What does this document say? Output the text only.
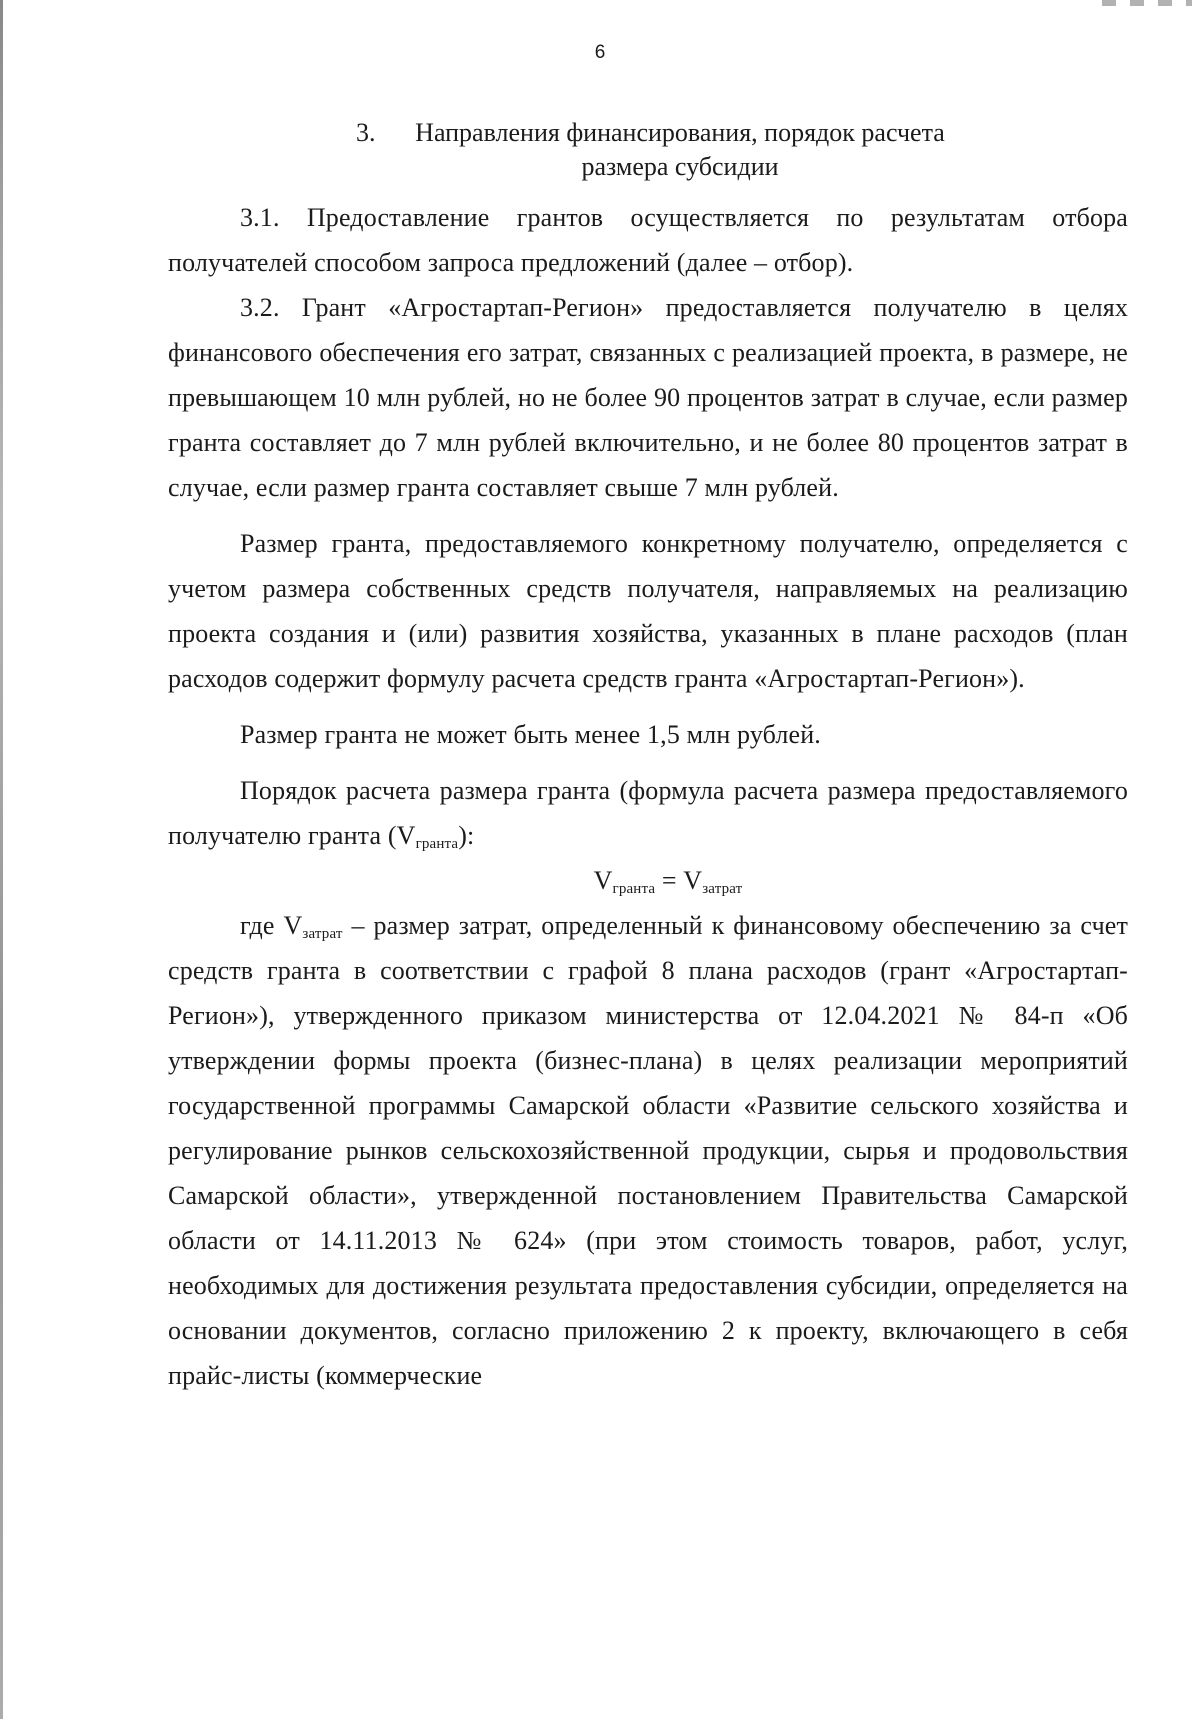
6
3.	Направления финансирования, порядок расчета
размера субсидии

3.1. Предоставление грантов осуществляется по результатам отбора получателей способом запроса предложений (далее – отбор).

3.2. Грант «Агростартап-Регион» предоставляется получателю в целях финансового обеспечения его затрат, связанных с реализацией проекта, в размере, не превышающем 10 млн рублей, но не более 90 процентов затрат в случае, если размер гранта составляет до 7 млн рублей включительно, и не более 80 процентов затрат в случае, если размер гранта составляет свыше 7 млн рублей.

Размер гранта, предоставляемого конкретному получателю, определяется с учетом размера собственных средств получателя, направляемых на реализацию проекта создания и (или) развития хозяйства, указанных в плане расходов (план расходов содержит формулу расчета средств гранта «Агростартап-Регион»).

Размер гранта не может быть менее 1,5 млн рублей.

Порядок расчета размера гранта (формула расчета размера предоставляемого получателю гранта $(V_{гранта})$:

$V_{гранта} = V_{затрат}$

где $V_{затрат}$ – размер затрат, определенный к финансовому обеспечению за счет средств гранта в соответствии с графой 8 плана расходов (грант «Агростартап-Регион»), утвержденного приказом министерства от 12.04.2021 № 84-п «Об утверждении формы проекта (бизнес-плана) в целях реализации мероприятий государственной программы Самарской области «Развитие сельского хозяйства и регулирование рынков сельскохозяйственной продукции, сырья и продовольствия Самарской области», утвержденной постановлением Правительства Самарской области от 14.11.2013 № 624» (при этом стоимость товаров, работ, услуг, необходимых для достижения результата предоставления субсидии, определяется на основании документов, согласно приложению 2 к проекту, включающего в себя прайс-листы (коммерческие
